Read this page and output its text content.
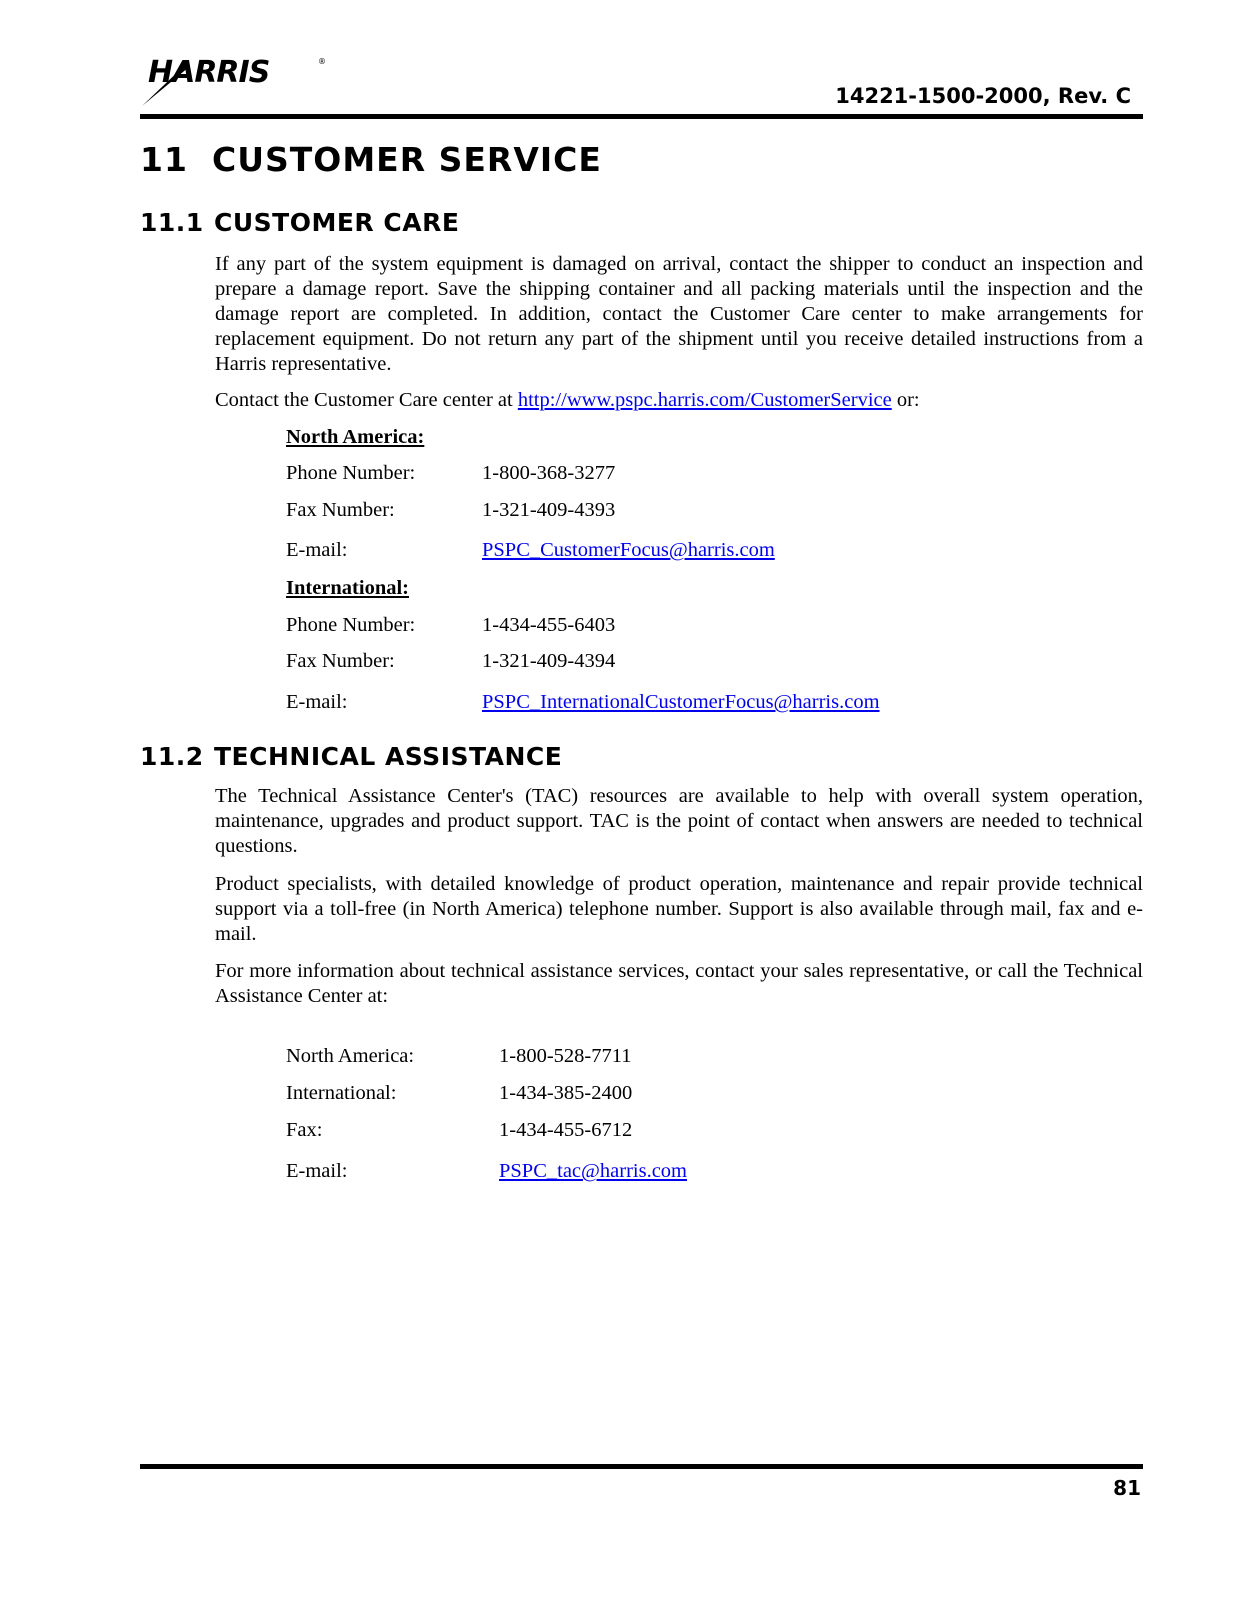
HARRIS	®
14221-1500-2000, Rev. C
11 CUSTOMER SERVICE
11.1 CUSTOMER CARE

If any part of the system equipment is damaged on arrival, contact the shipper to conduct an inspection and prepare a damage report. Save the shipping container and all packing materials until the inspection and the damage report are completed. In addition, contact the Customer Care center to make arrangements for replacement equipment. Do not return any part of the shipment until you receive detailed instructions from a Harris representative.

Contact the Customer Care center at http://www.pspc.harris.com/CustomerService or:

North America:
Phone Number:	1-800-368-3277
Fax Number:	1-321-409-4393
E-mail:	PSPC_CustomerFocus@harris.com
International:
Phone Number:	1-434-455-6403
Fax Number:	1-321-409-4394
E-mail:	PSPC_InternationalCustomerFocus@harris.com
11.2 TECHNICAL ASSISTANCE

The Technical Assistance Center's (TAC) resources are available to help with overall system operation, maintenance, upgrades and product support. TAC is the point of contact when answers are needed to technical questions.

Product specialists, with detailed knowledge of product operation, maintenance and repair provide technical support via a toll-free (in North America) telephone number. Support is also available through mail, fax and e-mail.

For more information about technical assistance services, contact your sales representative, or call the Technical Assistance Center at:

North America:	1-800-528-7711
International:	1-434-385-2400
Fax:	1-434-455-6712
E-mail:	PSPC_tac@harris.com
81
